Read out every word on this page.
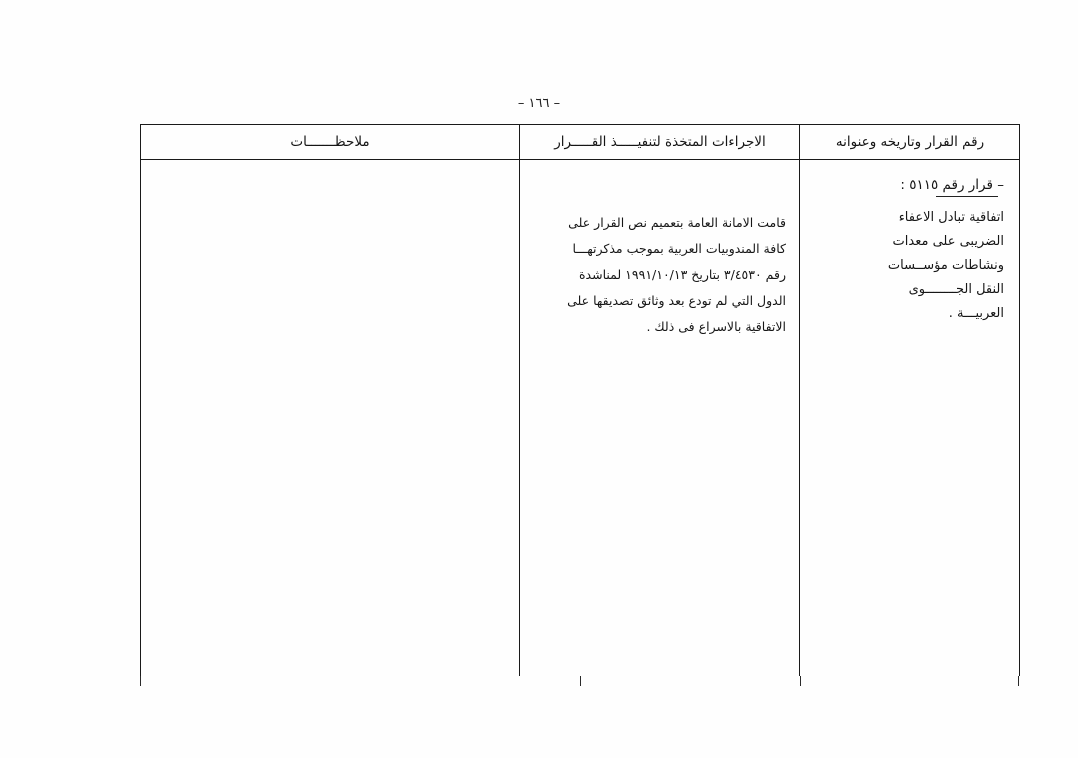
– ١٦٦ –
رقم القرار وتاريخه وعنوانه
الاجراءات المتخذة لتنفيـــــذ القـــــرار
ملاحظـــــــات
– قرار رقم ٥١١٥ :

اتفاقية تبادل الاعفاء

الضريبى على معدات

ونشاطات مؤســسات

النقل الجــــــــوى

العربيـــة .

قامت الامانة العامة بتعميم نص القرار على

كافة المندوبيات العربية بموجب مذكرتهـــا

رقم ٣/٤٥٣٠ بتاريخ ١٩٩١/١٠/١٣ لمناشدة

الدول التي لم تودع بعد وثائق تصديقها على

الاتفاقية بالاسراع فى ذلك .
